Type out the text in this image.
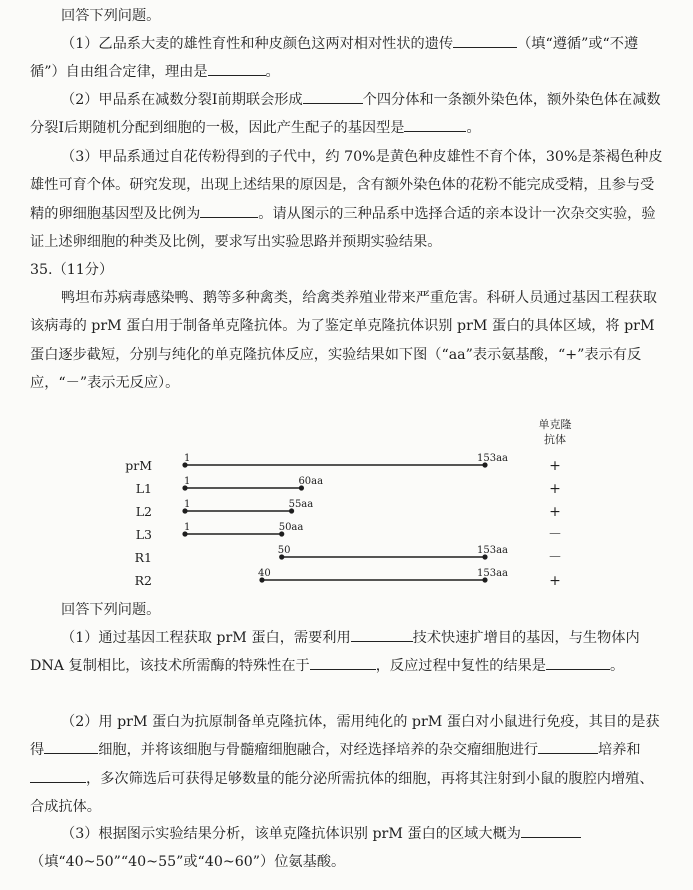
回答下列问题。
（1）乙品系大麦的雄性育性和种皮颜色这两对相对性状的遗传	（填“遵循”或“不遵循”）自由组合定律，理由是	。
（2）甲品系在减数分裂Ⅰ前期联会形成	个四分体和一条额外染色体，额外染色体在减数分裂Ⅰ后期随机分配到细胞的一极，因此产生配子的基因型是	。
（3）甲品系通过自花传粉得到的子代中，约 70%是黄色种皮雄性不育个体，30%是茶褐色种皮雄性可育个体。研究发现，出现上述结果的原因是，含有额外染色体的花粉不能完成受精，且参与受精的卵细胞基因型及比例为	。请从图示的三种品系中选择合适的亲本设计一次杂交实验，验证上述卵细胞的种类及比例，要求写出实验思路并预期实验结果。
35.（11分）
鸭坦布苏病毒感染鸭、鹅等多种禽类，给禽类养殖业带来严重危害。科研人员通过基因工程获取该病毒的 prM 蛋白用于制备单克隆抗体。为了鉴定单克隆抗体识别 prM 蛋白的具体区域，将 prM 蛋白逐步截短，分别与纯化的单克隆抗体反应，实验结果如下图（“aa”表示氨基酸，“+”表示有反应，“－”表示无反应）。
单克隆
抗体
prM	1	153aa	+
L1	1	60aa	+
L2	1	55aa	+
L3	1	50aa	－
R1	50	153aa	－
R2	40	153aa	+
回答下列问题。
（1）通过基因工程获取 prM 蛋白，需要利用	技术快速扩增目的基因，与生物体内 DNA 复制相比，该技术所需酶的特殊性在于	，反应过程中复性的结果是	。
（2）用 prM 蛋白为抗原制备单克隆抗体，需用纯化的 prM 蛋白对小鼠进行免疫，其目的是获得	细胞，并将该细胞与骨髓瘤细胞融合，对经选择培养的杂交瘤细胞进行	培养和，多次筛选后可获得足够数量的能分泌所需抗体的细胞，再将其注射到小鼠的腹腔内增殖、合成抗体。
（3）根据图示实验结果分析，该单克隆抗体识别 prM 蛋白的区域大概为（填“40~50”“40~55”或“40~60”）位氨基酸。
